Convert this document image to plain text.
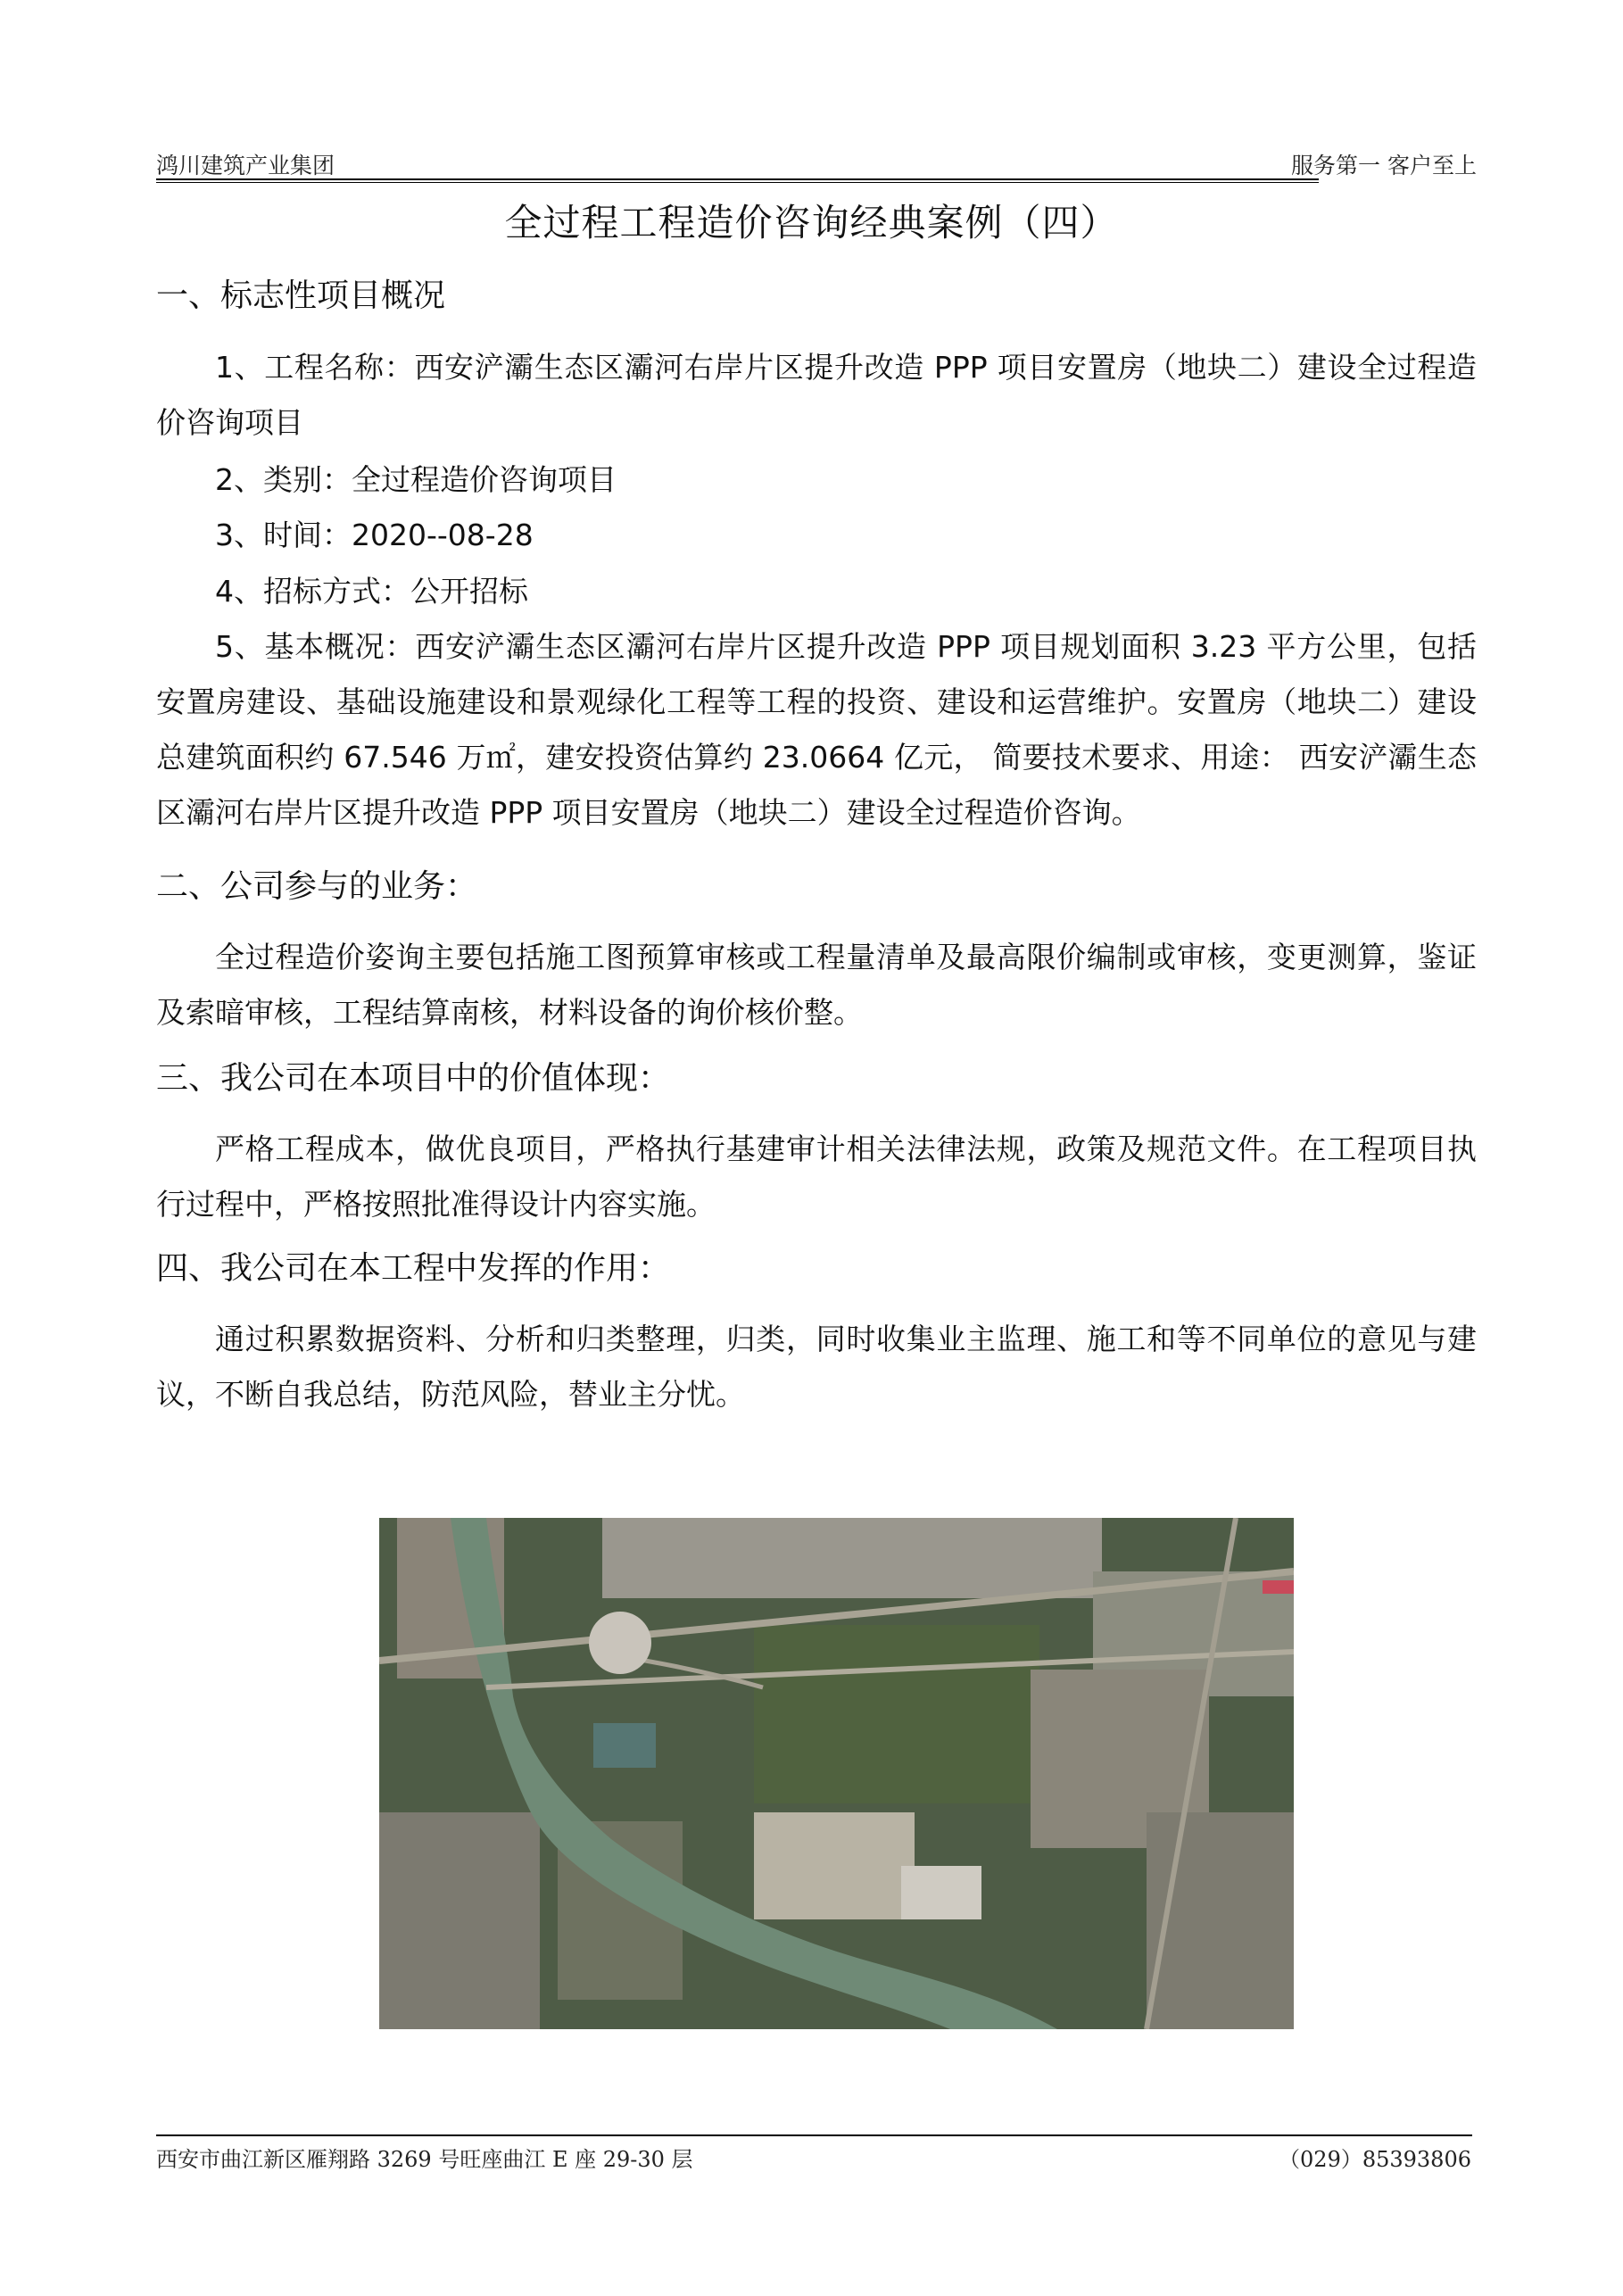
鸿川建筑产业集团	服务第一 客户至上
全过程工程造价咨询经典案例（四）
一、标志性项目概况
1、工程名称：西安浐灞生态区灞河右岸片区提升改造 PPP 项目安置房（地块二）建设全过程造价咨询项目
2、类别：全过程造价咨询项目
3、时间：2020--08-28
4、招标方式：公开招标
5、基本概况：西安浐灞生态区灞河右岸片区提升改造 PPP 项目规划面积 3.23 平方公里，包括安置房建设、基础设施建设和景观绿化工程等工程的投资、建设和运营维护。安置房（地块二）建设总建筑面积约 67.546 万㎡，建安投资估算约 23.0664 亿元， 简要技术要求、用途： 西安浐灞生态区灞河右岸片区提升改造 PPP 项目安置房（地块二）建设全过程造价咨询。
二、公司参与的业务：
全过程造价姿询主要包括施工图预算审核或工程量清单及最高限价编制或审核，变更测算，鉴证及索暗审核，工程结算南核，材料设备的询价核价整。
三、我公司在本项目中的价值体现：
严格工程成本，做优良项目，严格执行基建审计相关法律法规，政策及规范文件。在工程项目执行过程中，严格按照批准得设计内容实施。
四、我公司在本工程中发挥的作用：
通过积累数据资料、分析和归类整理，归类，同时收集业主监理、施工和等不同单位的意见与建议，不断自我总结，防范风险，替业主分忧。
西安市曲江新区雁翔路 3269 号旺座曲江 E 座 29-30 层	（029）85393806
